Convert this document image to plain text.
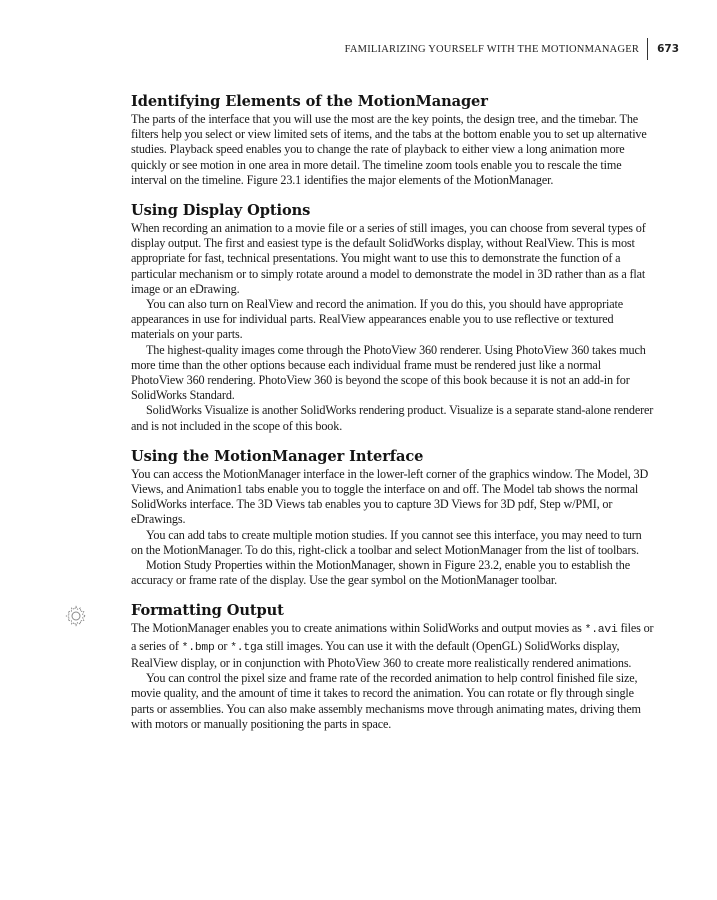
FAMILIARIZING YOURSELF WITH THE MOTIONMANAGER 673
Identifying Elements of the MotionManager

The parts of the interface that you will use the most are the key points, the design tree, and the timebar. The filters help you select or view limited sets of items, and the tabs at the bottom enable you to set up alternative studies. Playback speed enables you to change the rate of playback to either view a long animation more quickly or see motion in one area in more detail. The timeline zoom tools enable you to rescale the time interval on the timeline. Figure 23.1 identifies the major elements of the MotionManager.

Using Display Options

When recording an animation to a movie file or a series of still images, you can choose from several types of display output. The first and easiest type is the default SolidWorks display, without RealView. This is most appropriate for fast, technical presentations. You might want to use this to demonstrate the function of a particular mechanism or to simply rotate around a model to demonstrate the model in 3D rather than as a flat image or an eDrawing.

You can also turn on RealView and record the animation. If you do this, you should have appropriate appearances in use for individual parts. RealView appearances enable you to use reflective or textured materials on your parts.

The highest-quality images come through the PhotoView 360 renderer. Using PhotoView 360 takes much more time than the other options because each individual frame must be rendered just like a normal PhotoView 360 rendering. PhotoView 360 is beyond the scope of this book because it is not an add-in for SolidWorks Standard.

SolidWorks Visualize is another SolidWorks rendering product. Visualize is a separate stand-alone renderer and is not included in the scope of this book.

Using the MotionManager Interface

You can access the MotionManager interface in the lower-left corner of the graphics window. The Model, 3D Views, and Animation1 tabs enable you to toggle the interface on and off. The Model tab shows the normal SolidWorks interface. The 3D Views tab enables you to capture 3D Views for 3D pdf, Step w/PMI, or eDrawings.

You can add tabs to create multiple motion studies. If you cannot see this interface, you may need to turn on the MotionManager. To do this, right-click a toolbar and select MotionManager from the list of toolbars.

Motion Study Properties within the MotionManager, shown in Figure 23.2, enable you to establish the accuracy or frame rate of the display. Use the gear symbol on the MotionManager toolbar.

Formatting Output

The MotionManager enables you to create animations within SolidWorks and output movies as *.avi files or a series of *.bmp or *.tga still images. You can use it with the default (OpenGL) SolidWorks display, RealView display, or in conjunction with PhotoView 360 to create more realistically rendered animations.

You can control the pixel size and frame rate of the recorded animation to help control finished file size, movie quality, and the amount of time it takes to record the animation. You can rotate or fly through single parts or assemblies. You can also make assembly mechanisms move through animating mates, driving them with motors or manually positioning the parts in space.
